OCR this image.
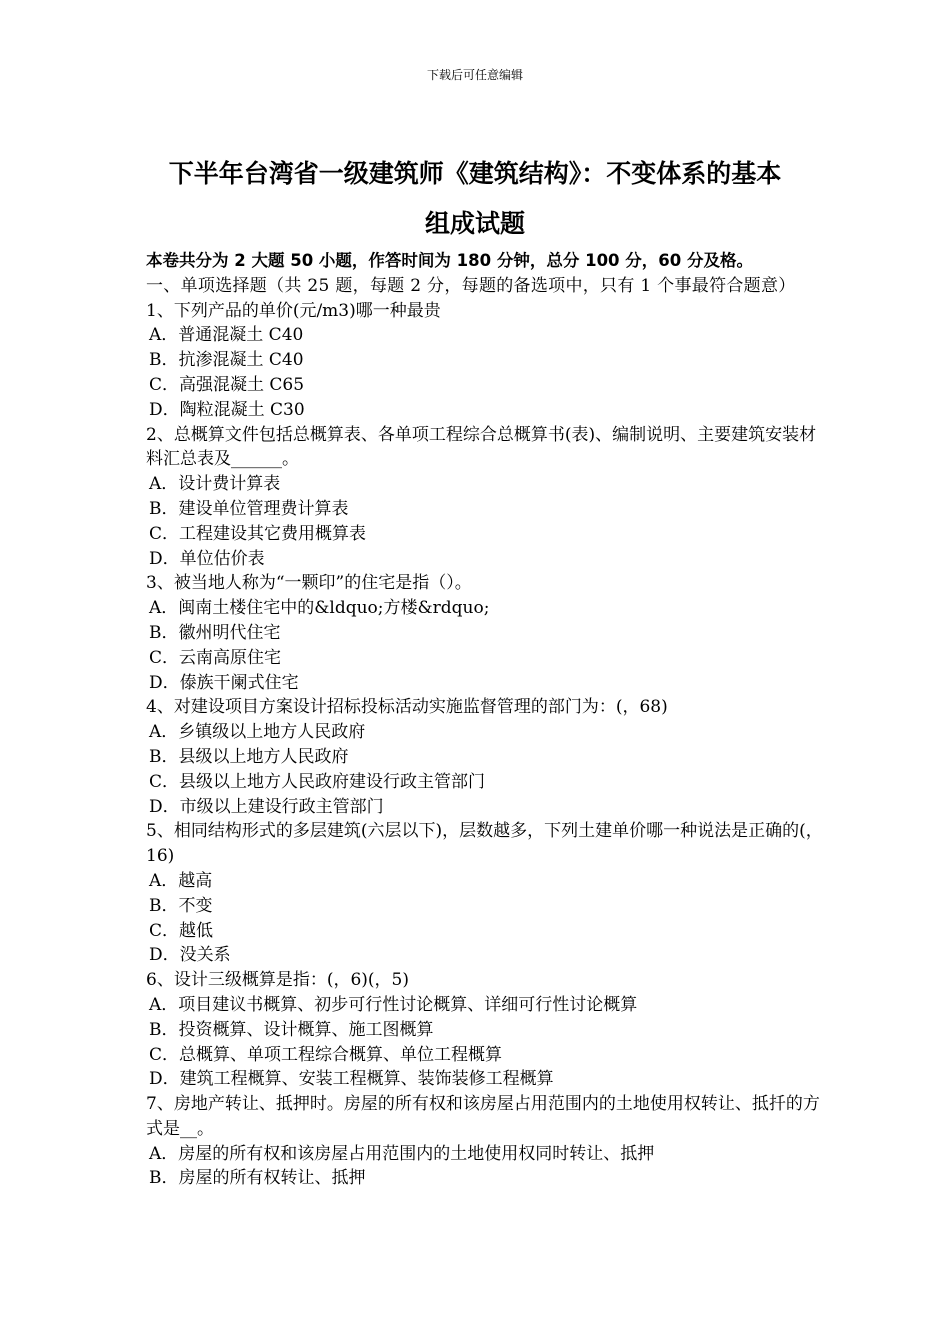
下载后可任意编辑
下半年台湾省一级建筑师《建筑结构》：不变体系的基本
组成试题

本卷共分为 2 大题 50 小题，作答时间为 180 分钟，总分 100 分，60 分及格。

一、单项选择题（共 25 题，每题 2 分，每题的备选项中，只有 1 个事最符合题意）

1、下列产品的单价(元/m3)哪一种最贵

A．普通混凝土 C40

B．抗渗混凝土 C40

C．高强混凝土 C65

D．陶粒混凝土 C30

2、总概算文件包括总概算表、各单项工程综合总概算书(表)、编制说明、主要建筑安装材料汇总表及______。

A．设计费计算表

B．建设单位管理费计算表

C．工程建设其它费用概算表

D．单位估价表

3、被当地人称为“一颗印”的住宅是指（）。

A．闽南土楼住宅中的&ldquo;方楼&rdquo;

B．徽州明代住宅

C．云南高原住宅

D．傣族干阑式住宅

4、对建设项目方案设计招标投标活动实施监督管理的部门为：(，68)

A．乡镇级以上地方人民政府

B．县级以上地方人民政府

C．县级以上地方人民政府建设行政主管部门

D．市级以上建设行政主管部门

5、相同结构形式的多层建筑(六层以下)，层数越多，下列土建单价哪一种说法是正确的(，16)

A．越高

B．不变

C．越低

D．没关系

6、设计三级概算是指：(，6)(，5)

A．项目建议书概算、初步可行性讨论概算、详细可行性讨论概算

B．投资概算、设计概算、施工图概算

C．总概算、单项工程综合概算、单位工程概算

D．建筑工程概算、安装工程概算、装饰装修工程概算

7、房地产转让、抵押时。房屋的所有权和该房屋占用范围内的土地使用权转让、抵扦的方式是__。

A．房屋的所有权和该房屋占用范围内的土地使用权同时转让、抵押

B．房屋的所有权转让、抵押
